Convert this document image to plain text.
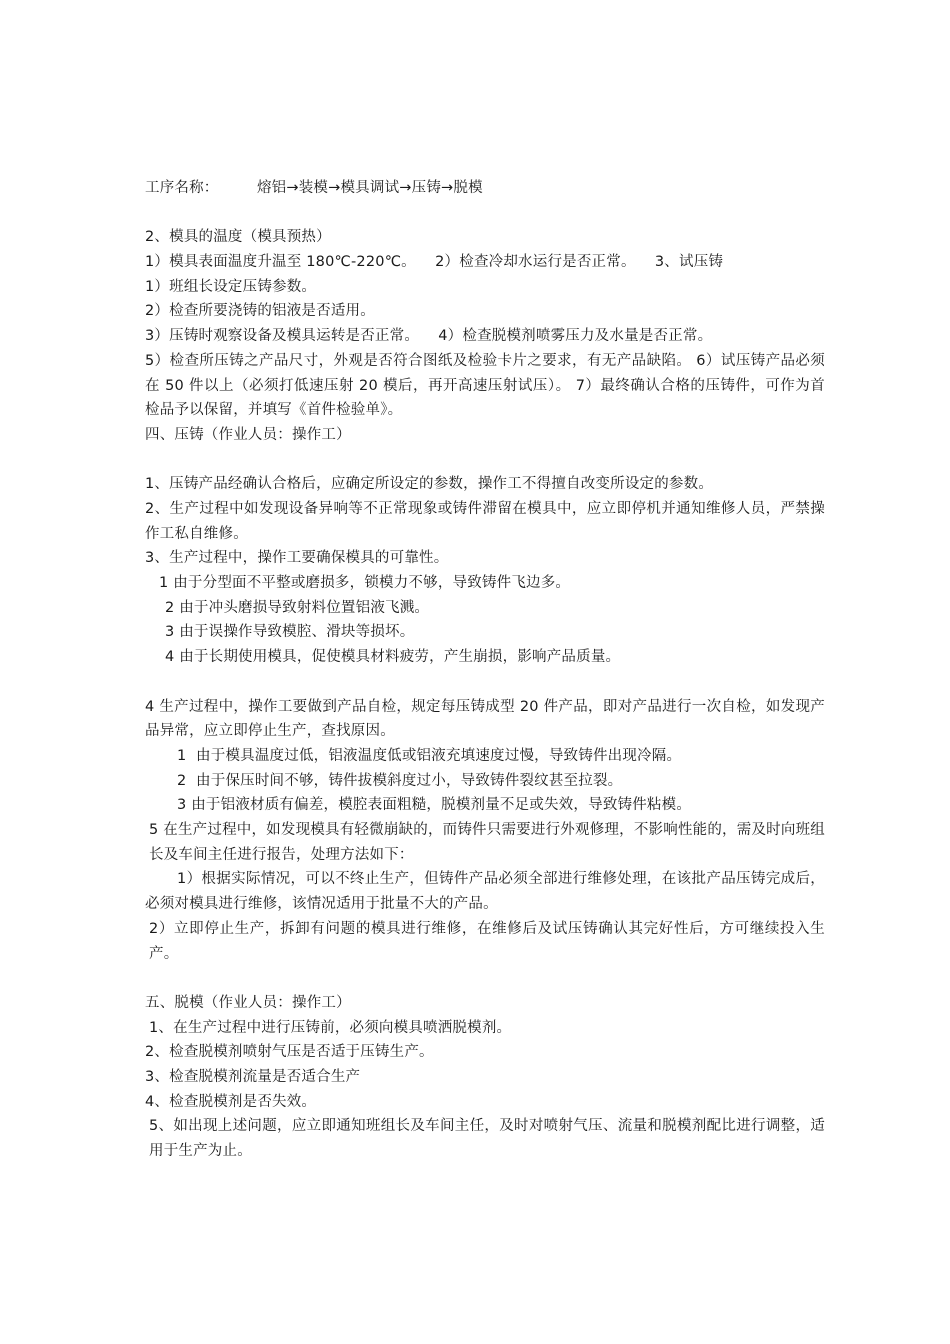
工序名称：        熔铝→装模→模具调试→压铸→脱模
2、模具的温度（模具预热）
1）模具表面温度升温至 180℃-220℃。    2）检查冷却水运行是否正常。    3、试压铸
1）班组长设定压铸参数。
2）检查所要浇铸的铝液是否适用。
3）压铸时观察设备及模具运转是否正常。    4）检查脱模剂喷雾压力及水量是否正常。
5）检查所压铸之产品尺寸，外观是否符合图纸及检验卡片之要求，有无产品缺陷。 6）试压铸产品必须在 50 件以上（必须打低速压射 20 模后，再开高速压射试压）。 7）最终确认合格的压铸件，可作为首检品予以保留，并填写《首件检验单》。
四、压铸（作业人员：操作工）
1、压铸产品经确认合格后，应确定所设定的参数，操作工不得擅自改变所设定的参数。
2、生产过程中如发现设备异响等不正常现象或铸件滞留在模具中，应立即停机并通知维修人员，严禁操作工私自维修。
3、生产过程中，操作工要确保模具的可靠性。
1 由于分型面不平整或磨损多，锁模力不够，导致铸件飞边多。
2 由于冲头磨损导致射料位置铝液飞溅。
3 由于误操作导致模腔、滑块等损坏。
4 由于长期使用模具，促使模具材料疲劳，产生崩损，影响产品质量。
4 生产过程中，操作工要做到产品自检，规定每压铸成型 20 件产品，即对产品进行一次自检，如发现产品异常，应立即停止生产，查找原因。
1  由于模具温度过低，铝液温度低或铝液充填速度过慢，导致铸件出现冷隔。
2  由于保压时间不够，铸件拔模斜度过小，导致铸件裂纹甚至拉裂。
3 由于铝液材质有偏差，模腔表面粗糙，脱模剂量不足或失效，导致铸件粘模。
5 在生产过程中，如发现模具有轻微崩缺的，而铸件只需要进行外观修理，不影响性能的，需及时向班组长及车间主任进行报告，处理方法如下：
1）根据实际情况，可以不终止生产，但铸件产品必须全部进行维修处理，在该批产品压铸完成后，必须对模具进行维修，该情况适用于批量不大的产品。
2）立即停止生产，拆卸有问题的模具进行维修，在维修后及试压铸确认其完好性后，方可继续投入生产。
五、脱模（作业人员：操作工）
1、在生产过程中进行压铸前，必须向模具喷洒脱模剂。
2、检查脱模剂喷射气压是否适于压铸生产。
3、检查脱模剂流量是否适合生产
4、检查脱模剂是否失效。
5、如出现上述问题，应立即通知班组长及车间主任，及时对喷射气压、流量和脱模剂配比进行调整，适用于生产为止。
